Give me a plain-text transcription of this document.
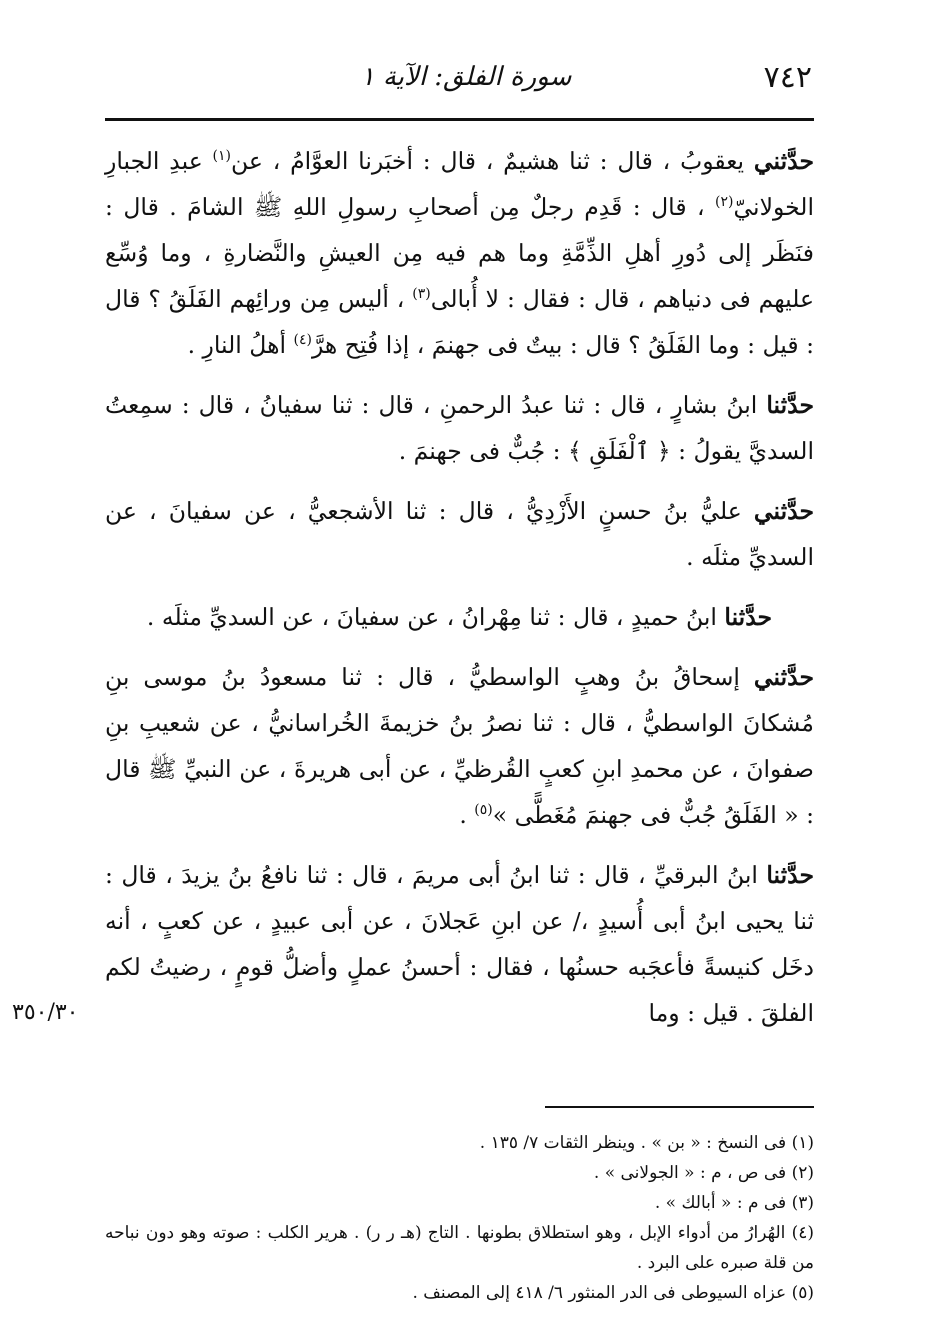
٧٤٢
سورة الفلق: الآية ١

حدَّثني يعقوبُ ، قال : ثنا هشيمٌ ، قال : أخبَرنا العوَّامُ ، عن$^{(١)}$ عبدِ الجبارِ الخولانيّ$^{(٢)}$ ، قال : قَدِم رجلٌ مِن أصحابِ رسولِ اللهِ ﷺ الشامَ . قال : فنَظَر إلى دُورِ أهلِ الذِّمَّةِ وما هم فيه مِن العيشِ والنَّضارةِ ، وما وُسِّع عليهم فى دنياهم ، قال : فقال : لا أُبالى$^{(٣)}$ ، أليس مِن ورائِهم الفَلَقُ ؟ قال : قيل : وما الفَلَقُ ؟ قال : بيتٌ فى جهنمَ ، إذا فُتِح هرَّ$^{(٤)}$ أهلُ النارِ .

حدَّثنا ابنُ بشارٍ ، قال : ثنا عبدُ الرحمنِ ، قال : ثنا سفيانُ ، قال : سمِعتُ السديَّ يقولُ : ﴿ ٱلْفَلَقِ ﴾ : جُبٌّ فى جهنمَ .

حدَّثني عليُّ بنُ حسنٍ الأَزْدِيُّ ، قال : ثنا الأشجعيُّ ، عن سفيانَ ، عن السديِّ مثلَه .

حدَّثنا ابنُ حميدٍ ، قال : ثنا مِهْرانُ ، عن سفيانَ ، عن السديِّ مثلَه .

حدَّثني إسحاقُ بنُ وهبٍ الواسطيُّ ، قال : ثنا مسعودُ بنُ موسى بنِ مُشكانَ الواسطيُّ ، قال : ثنا نصرُ بنُ خزيمةَ الخُراسانيُّ ، عن شعيبِ بنِ صفوانَ ، عن محمدِ ابنِ كعبٍ القُرظيِّ ، عن أبى هريرةَ ، عن النبيِّ ﷺ قال : « الفَلَقُ جُبٌّ فى جهنمَ مُغَطًّى »$^{(٥)}$ .

حدَّثنا ابنُ البرقيِّ ، قال : ثنا ابنُ أبى مريمَ ، قال : ثنا نافعُ بنُ يزيدَ ، قال : ثنا يحيى ابنُ أبى أُسيدٍ ،/ عن ابنِ عَجلانَ ، عن أبى عبيدٍ ، عن كعبٍ ، أنه دخَل كنيسةً فأعجَبه حسنُها ، فقال : أحسنُ عملٍ وأضلُّ قومٍ ، رضيتُ لكم الفلقَ . قيل : وما

٣٥٠/٣٠

(١) فى النسخ : « بن » . وينظر الثقات ٧/ ١٣٥ .

(٢) فى ص ، م : « الجولانى » .

(٣) فى م : « أبالك » .

(٤) الهُرارُ من أدواء الإبل ، وهو استطلاق بطونها . التاج (هـ ر ر) . هرير الكلب : صوته وهو دون نباحه من قلة صبره على البرد .

(٥) عزاه السيوطى فى الدر المنثور ٦/ ٤١٨ إلى المصنف .
